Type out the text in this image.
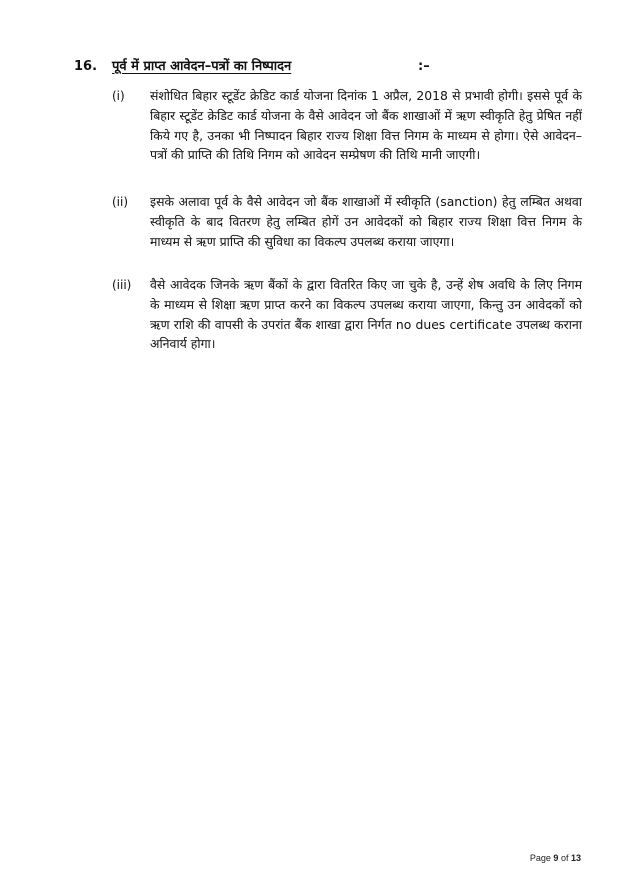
16. पूर्व में प्राप्त आवेदन–पत्रों का निष्पादन	:–
(i) संशोधित बिहार स्टूडेंट क्रेडिट कार्ड योजना दिनांक 1 अप्रैल, 2018 से प्रभावी होगी। इससे पूर्व के बिहार स्टूडेंट क्रेडिट कार्ड योजना के वैसे आवेदन जो बैंक शाखाओं में ऋण स्वीकृति हेतु प्रेषित नहीं किये गए है, उनका भी निष्पादन बिहार राज्य शिक्षा वित्त निगम के माध्यम से होगा। ऐसे आवेदन–पत्रों की प्राप्ति की तिथि निगम को आवेदन सम्प्रेषण की तिथि मानी जाएगी।
(ii) इसके अलावा पूर्व के वैसे आवेदन जो बैंक शाखाओं में स्वीकृति (sanction) हेतु लम्बित अथवा स्वीकृति के बाद वितरण हेतु लम्बित होगें उन आवेदकों को बिहार राज्य शिक्षा वित्त निगम के माध्यम से ऋण प्राप्ति की सुविधा का विकल्प उपलब्ध कराया जाएगा।
(iii) वैसे आवेदक जिनके ऋण बैंकों के द्वारा वितरित किए जा चुके है, उन्हें शेष अवधि के लिए निगम के माध्यम से शिक्षा ऋण प्राप्त करने का विकल्प उपलब्ध कराया जाएगा, किन्तु उन आवेदकों को ऋण राशि की वापसी के उपरांत बैंक शाखा द्वारा निर्गत no dues certificate उपलब्ध कराना अनिवार्य होगा।
Page 9 of 13
